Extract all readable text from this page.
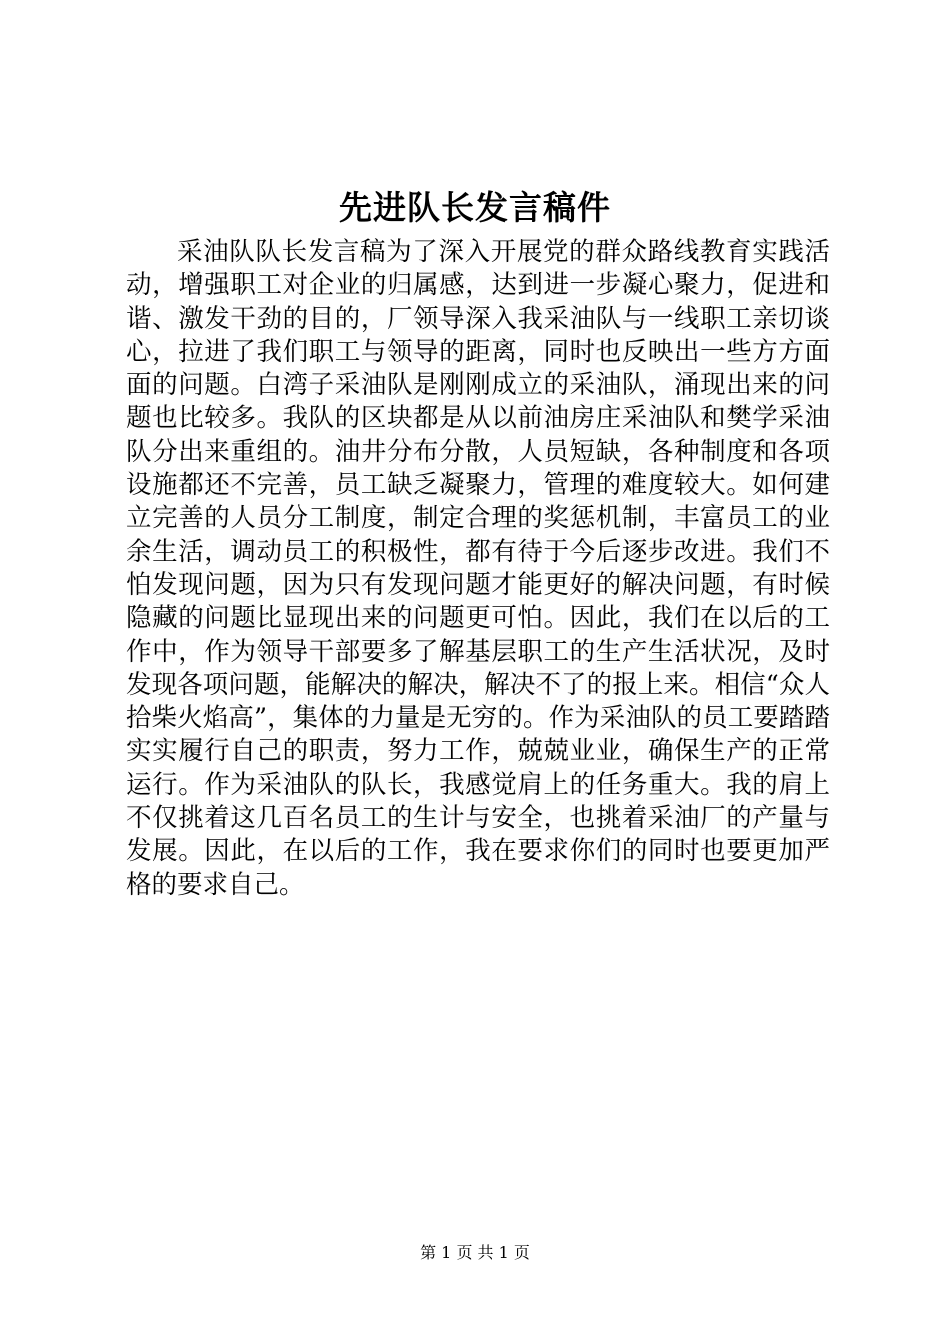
先进队长发言稿件

采油队队长发言稿为了深入开展党的群众路线教育实践活动，增强职工对企业的归属感，达到进一步凝心聚力，促进和谐、激发干劲的目的，厂领导深入我采油队与一线职工亲切谈心，拉进了我们职工与领导的距离，同时也反映出一些方方面面的问题。白湾子采油队是刚刚成立的采油队，涌现出来的问题也比较多。我队的区块都是从以前油房庄采油队和樊学采油队分出来重组的。油井分布分散，人员短缺，各种制度和各项设施都还不完善，员工缺乏凝聚力，管理的难度较大。如何建立完善的人员分工制度，制定合理的奖惩机制，丰富员工的业余生活，调动员工的积极性，都有待于今后逐步改进。我们不怕发现问题，因为只有发现问题才能更好的解决问题，有时候隐藏的问题比显现出来的问题更可怕。因此，我们在以后的工作中，作为领导干部要多了解基层职工的生产生活状况，及时发现各项问题，能解决的解决，解决不了的报上来。相信“众人拾柴火焰高”，集体的力量是无穷的。作为采油队的员工要踏踏实实履行自己的职责，努力工作，兢兢业业，确保生产的正常运行。作为采油队的队长，我感觉肩上的任务重大。我的肩上不仅挑着这几百名员工的生计与安全，也挑着采油厂的产量与发展。因此，在以后的工作，我在要求你们的同时也要更加严格的要求自己。

第 1 页 共 1 页
